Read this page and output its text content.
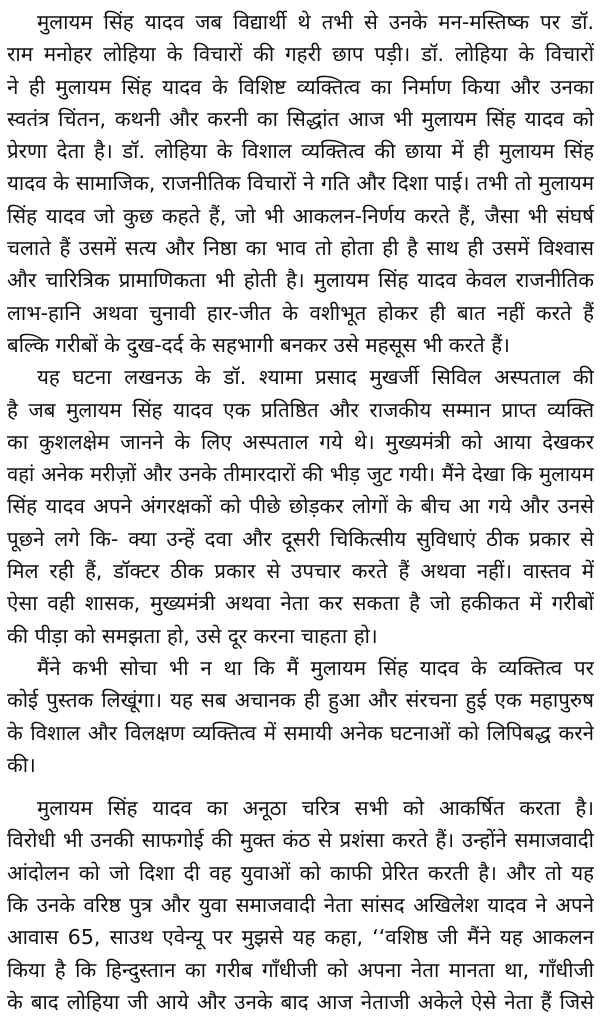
मुलायम सिंह यादव जब विद्यार्थी थे तभी से उनके मन-मस्तिष्क पर डॉ.
राम मनोहर लोहिया के विचारों की गहरी छाप पड़ी। डॉ. लोहिया के विचारों
ने ही मुलायम सिंह यादव के विशिष्ट व्यक्तित्व का निर्माण किया और उनका
स्वतंत्र चिंतन, कथनी और करनी का सिद्धांत आज भी मुलायम सिंह यादव को
प्रेरणा देता है। डॉ. लोहिया के विशाल व्यक्तित्व की छाया में ही मुलायम सिंह
यादव के सामाजिक, राजनीतिक विचारों ने गति और दिशा पाई। तभी तो मुलायम
सिंह यादव जो कुछ कहते हैं, जो भी आकलन-निर्णय करते हैं, जैसा भी संघर्ष
चलाते हैं उसमें सत्य और निष्ठा का भाव तो होता ही है साथ ही उसमें विश्वास
और चारित्रिक प्रामाणिकता भी होती है। मुलायम सिंह यादव केवल राजनीतिक
लाभ-हानि अथवा चुनावी हार-जीत के वशीभूत होकर ही बात नहीं करते हैं
बल्कि गरीबों के दुख-दर्द के सहभागी बनकर उसे महसूस भी करते हैं।
यह घटना लखनऊ के डॉ. श्यामा प्रसाद मुखर्जी सिविल अस्पताल की
है जब मुलायम सिंह यादव एक प्रतिष्ठित और राजकीय सम्मान प्राप्त व्यक्ति
का कुशलक्षेम जानने के लिए अस्पताल गये थे। मुख्यमंत्री को आया देखकर
वहां अनेक मरीज़ों और उनके तीमारदारों की भीड़ जुट गयी। मैंने देखा कि मुलायम
सिंह यादव अपने अंगरक्षकों को पीछे छोड़कर लोगों के बीच आ गये और उनसे
पूछने लगे कि- क्या उन्हें दवा और दूसरी चिकित्सीय सुविधाएं ठीक प्रकार से
मिल रही हैं, डॉक्टर ठीक प्रकार से उपचार करते हैं अथवा नहीं। वास्तव में
ऐसा वही शासक, मुख्यमंत्री अथवा नेता कर सकता है जो हकीकत में गरीबों
की पीड़ा को समझता हो, उसे दूर करना चाहता हो।
मैंने कभी सोचा भी न था कि मैं मुलायम सिंह यादव के व्यक्तित्व पर
कोई पुस्तक लिखूंगा। यह सब अचानक ही हुआ और संरचना हुई एक महापुरुष
के विशाल और विलक्षण व्यक्तित्व में समायी अनेक घटनाओं को लिपिबद्ध करने
की।
मुलायम सिंह यादव का अनूठा चरित्र सभी को आकर्षित करता है।
विरोधी भी उनकी साफगोई की मुक्त कंठ से प्रशंसा करते हैं। उन्होंने समाजवादी
आंदोलन को जो दिशा दी वह युवाओं को काफी प्रेरित करती है। और तो यह
कि उनके वरिष्ठ पुत्र और युवा समाजवादी नेता सांसद अखिलेश यादव ने अपने
आवास 65, साउथ एवेन्यू पर मुझसे यह कहा, ‘‘वशिष्ठ जी मैंने यह आकलन
किया है कि हिन्दुस्तान का गरीब गाँधीजी को अपना नेता मानता था, गाँधीजी
के बाद लोहिया जी आये और उनके बाद आज नेताजी अकेले ऐसे नेता हैं जिसे
